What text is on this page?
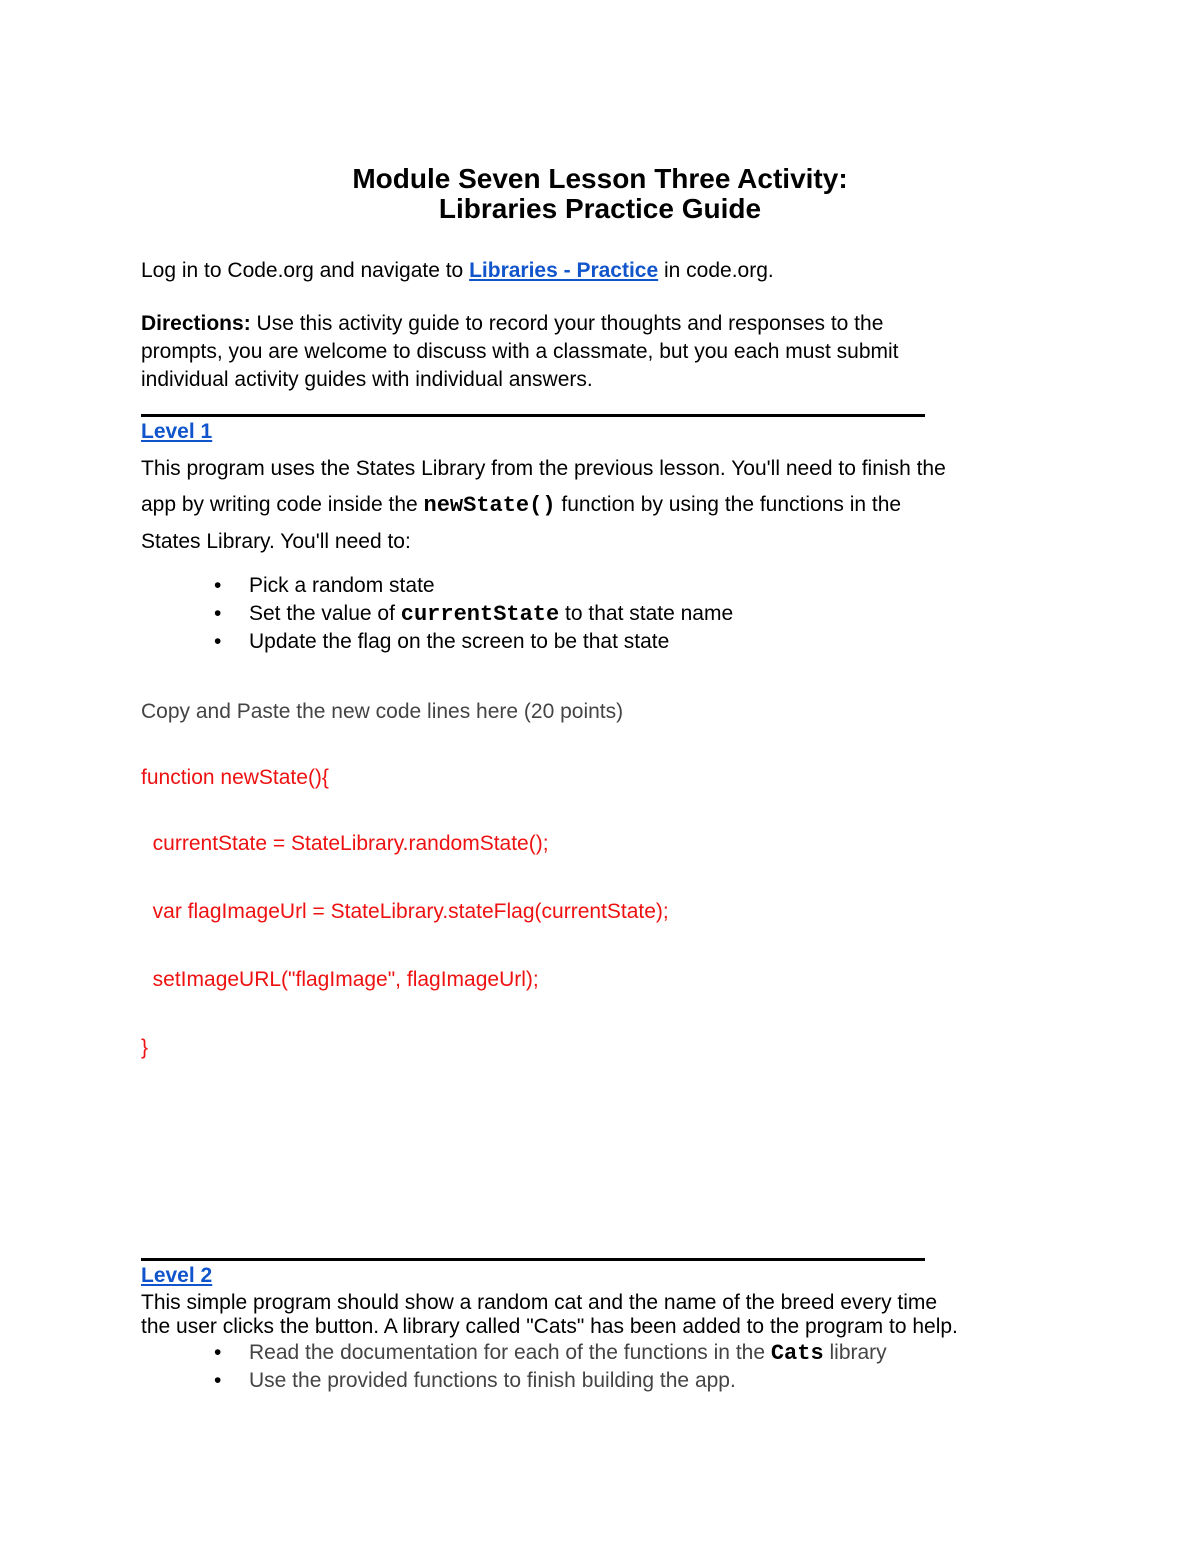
Module Seven Lesson Three Activity:
Libraries Practice Guide
Log in to Code.org and navigate to Libraries - Practice in code.org.
Directions: Use this activity guide to record your thoughts and responses to the
prompts, you are welcome to discuss with a classmate, but you each must submit
individual activity guides with individual answers.
Level 1
This program uses the States Library from the previous lesson. You'll need to finish the
app by writing code inside the newState() function by using the functions in the
States Library. You'll need to:
• Pick a random state
• Set the value of currentState to that state name
• Update the flag on the screen to be that state
Copy and Paste the new code lines here (20 points)
function newState(){
currentState = StateLibrary.randomState();
var flagImageUrl = StateLibrary.stateFlag(currentState);
setImageURL("flagImage", flagImageUrl);
}
Level 2
This simple program should show a random cat and the name of the breed every time
the user clicks the button. A library called "Cats" has been added to the program to help.
• Read the documentation for each of the functions in the Cats library
• Use the provided functions to finish building the app.
